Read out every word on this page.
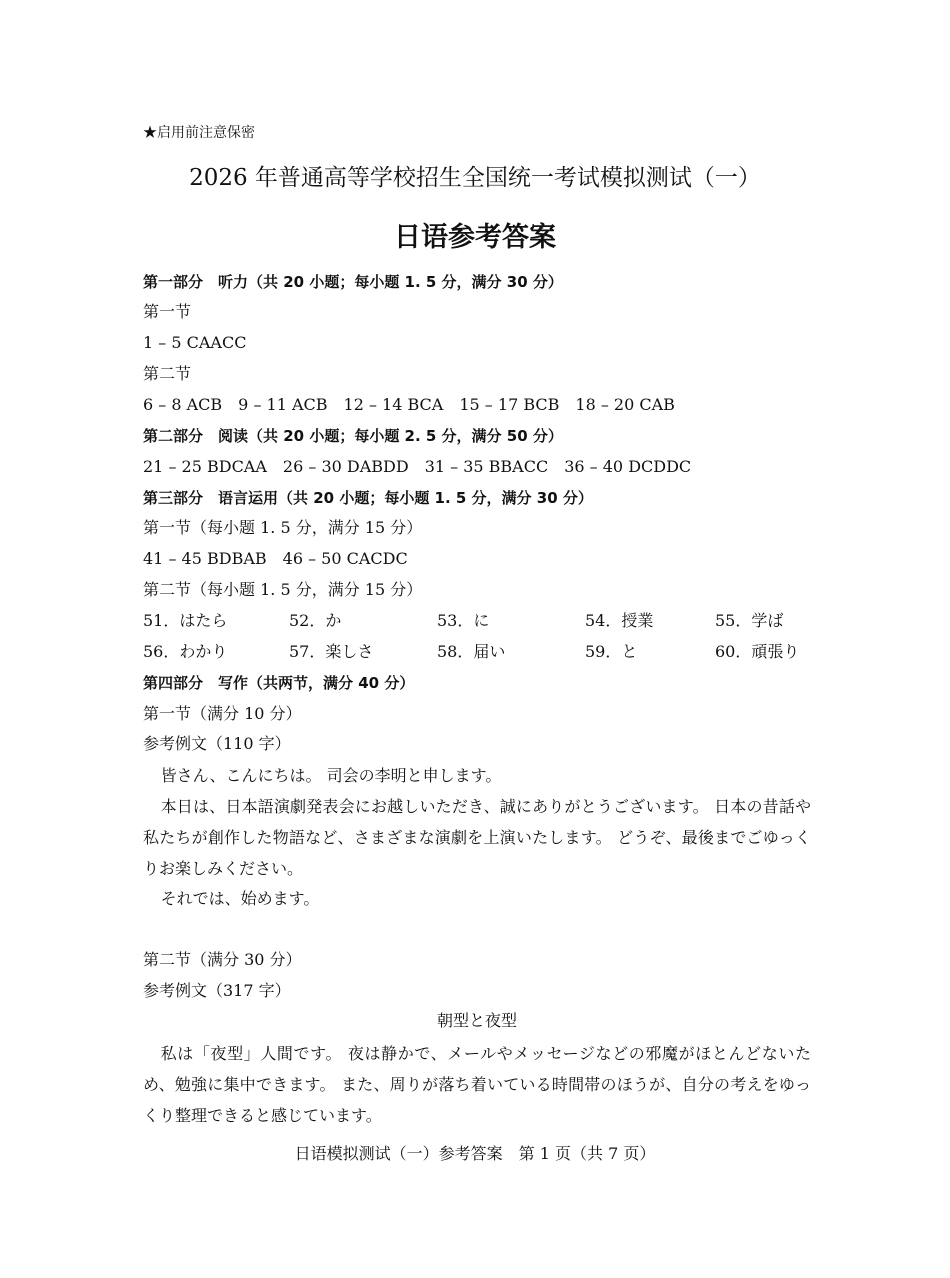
★启用前注意保密
2026 年普通高等学校招生全国统一考试模拟测试（一）
日语参考答案
第一部分　听力（共 20 小题；每小题 1. 5 分，满分 30 分）
第一节
1 – 5 CAACC
第二节
6 – 8 ACB　9 – 11 ACB　12 – 14 BCA　15 – 17 BCB　18 – 20 CAB
第二部分　阅读（共 20 小题；每小题 2. 5 分，满分 50 分）
21 – 25 BDCAA　26 – 30 DABDD　31 – 35 BBACC　36 – 40 DCDDC
第三部分　语言运用（共 20 小题；每小题 1. 5 分，满分 30 分）
第一节（每小题 1. 5 分，满分 15 分）
41 – 45 BDBAB　46 – 50 CACDC
第二节（每小题 1. 5 分，满分 15 分）
51．はたら	52．か	53．に	54．授業	55．学ば
56．わかり	57．楽しさ	58．届い	59．と	60．頑張り
第四部分　写作（共两节，满分 40 分）
第一节（满分 10 分）
参考例文（110 字）
皆さん、こんにちは。 司会の李明と申します。
本日は、日本語演劇発表会にお越しいただき、誠にありがとうございます。 日本の昔話や私たちが創作した物語など、さまざまな演劇を上演いたします。 どうぞ、最後までごゆっくりお楽しみください。
それでは、始めます。
第二节（满分 30 分）
参考例文（317 字）
朝型と夜型
私は「夜型」人間です。 夜は静かで、メールやメッセージなどの邪魔がほとんどないため、勉強に集中できます。 また、周りが落ち着いている時間帯のほうが、自分の考えをゆっくり整理できると感じています。
日语模拟测试（一）参考答案　第 1 页（共 7 页）
